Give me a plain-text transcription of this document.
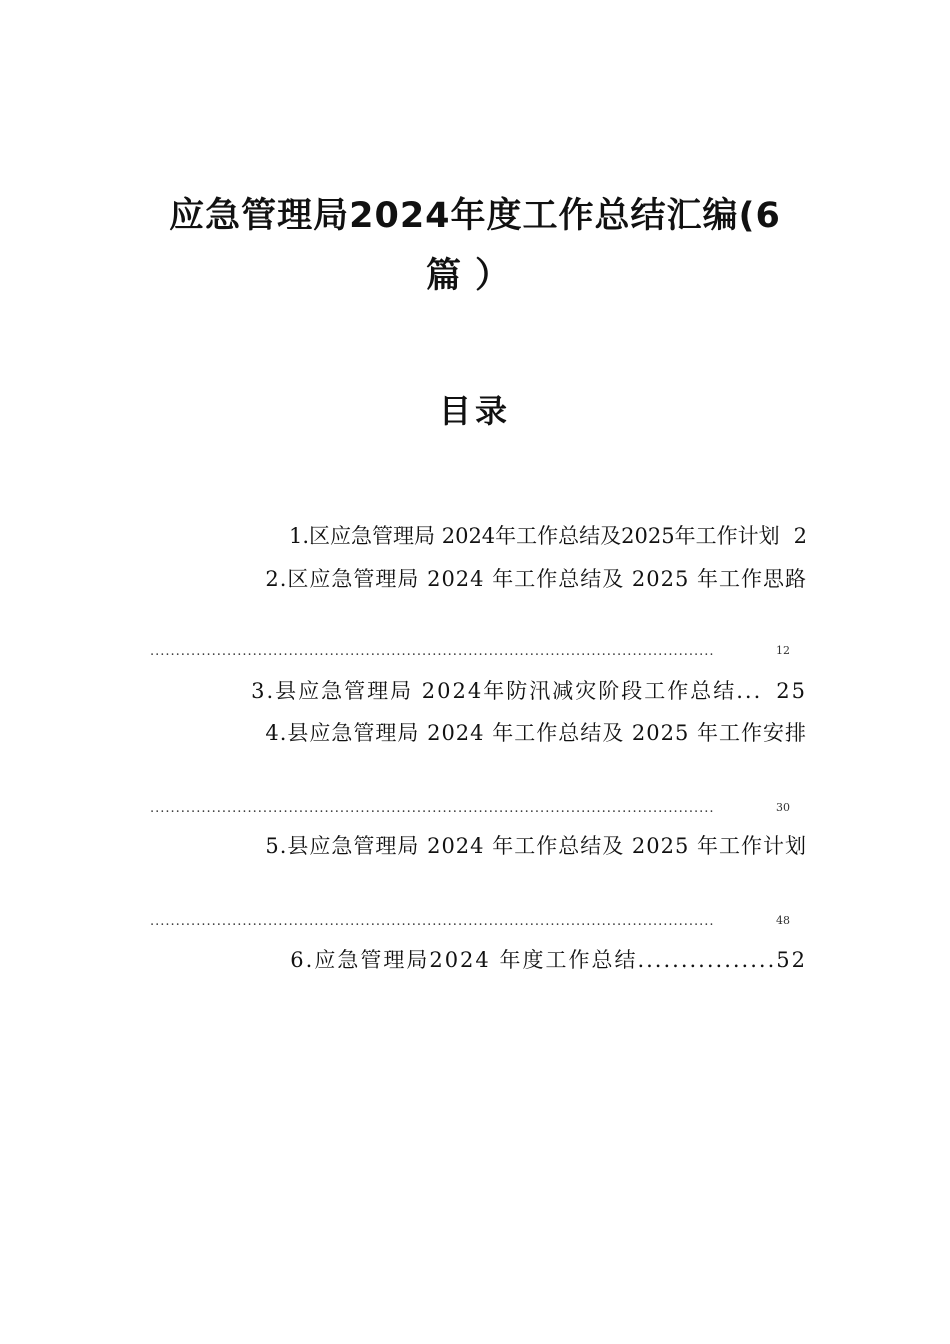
应急管理局2024年度工作总结汇编(6
篇）
目录
1.区应急管理局 2024年工作总结及2025年工作计划 2
2.区应急管理局 2024 年工作总结及 2025 年工作思路
..............................................................................................................	12
3.县应急管理局 2024年防汛减灾阶段工作总结... 25
4.县应急管理局 2024 年工作总结及 2025 年工作安排
..............................................................................................................	30
5.县应急管理局 2024 年工作总结及 2025 年工作计划
..............................................................................................................	48
6.应急管理局2024 年度工作总结................52
